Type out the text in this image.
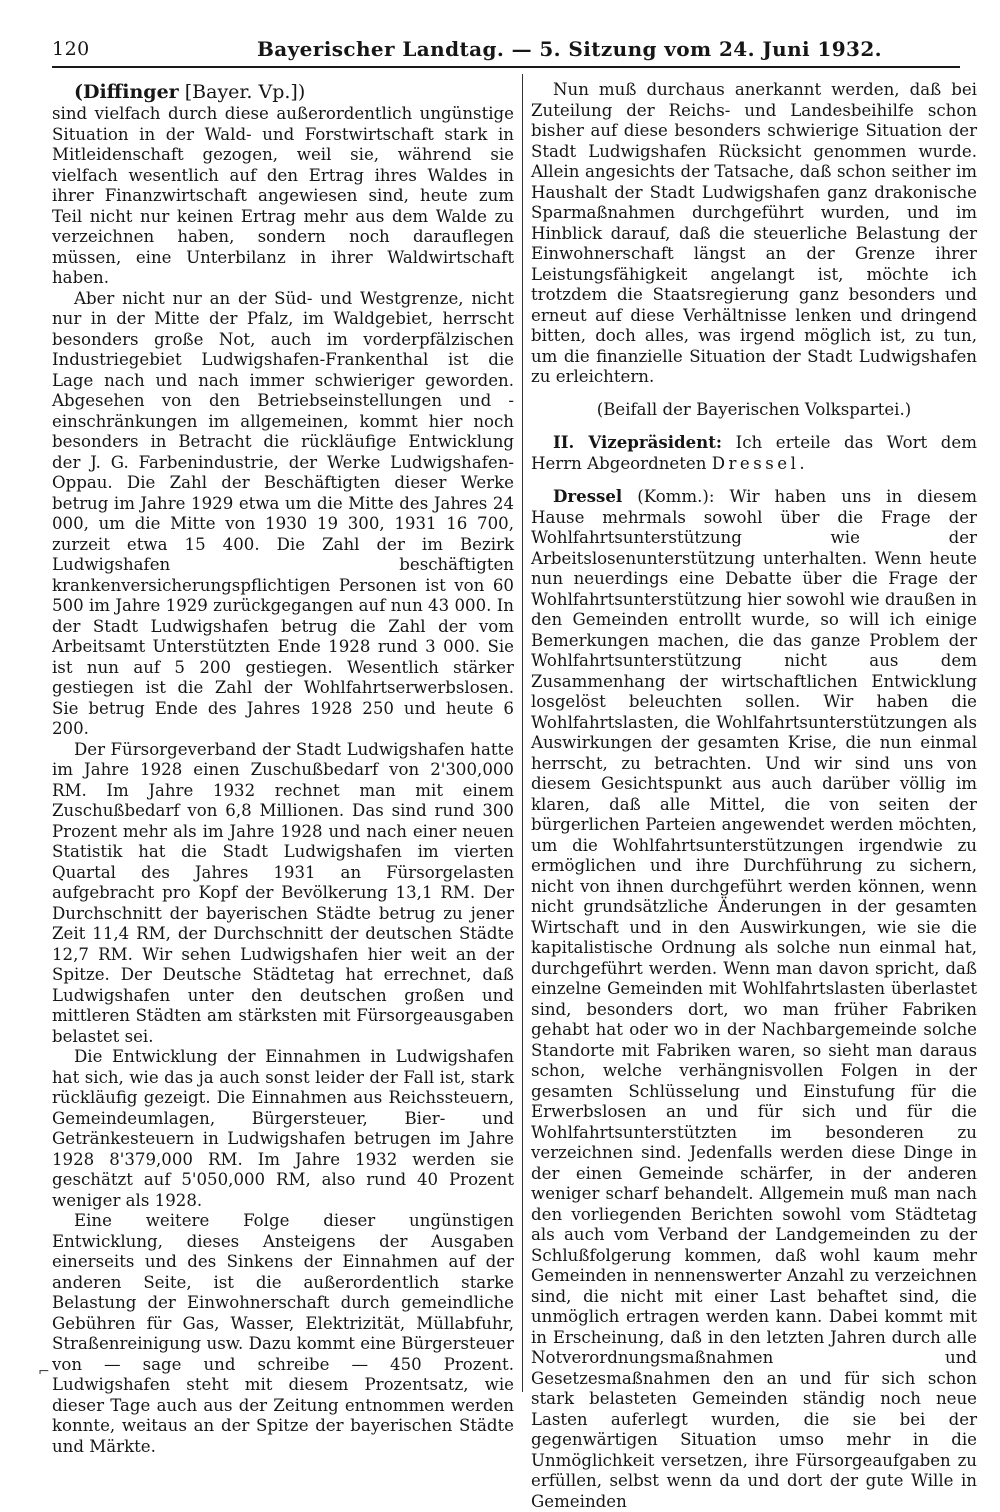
120	Bayerischer Landtag. — 5. Sitzung vom 24. Juni 1932.

(Diffinger [Bayer. Vp.])

sind vielfach durch diese außerordentlich ungünstige Situation in der Wald- und Forstwirtschaft stark in Mitleidenschaft gezogen, weil sie, während sie vielfach wesentlich auf den Ertrag ihres Waldes in ihrer Finanzwirtschaft angewiesen sind, heute zum Teil nicht nur keinen Ertrag mehr aus dem Walde zu verzeichnen haben, sondern noch darauflegen müssen, eine Unterbilanz in ihrer Waldwirtschaft haben.

Aber nicht nur an der Süd- und Westgrenze, nicht nur in der Mitte der Pfalz, im Waldgebiet, herrscht besonders große Not, auch im vorderpfälzischen Industriegebiet Ludwigshafen-Frankenthal ist die Lage nach und nach immer schwieriger geworden. Abgesehen von den Betriebseinstellungen und -einschränkungen im allgemeinen, kommt hier noch besonders in Betracht die rückläufige Entwicklung der J. G. Farbenindustrie, der Werke Ludwigshafen-Oppau. Die Zahl der Beschäftigten dieser Werke betrug im Jahre 1929 etwa um die Mitte des Jahres 24 000, um die Mitte von 1930 19 300, 1931 16 700, zurzeit etwa 15 400. Die Zahl der im Bezirk Ludwigshafen beschäftigten krankenversicherungspflichtigen Personen ist von 60 500 im Jahre 1929 zurückgegangen auf nun 43 000. In der Stadt Ludwigshafen betrug die Zahl der vom Arbeitsamt Unterstützten Ende 1928 rund 3 000. Sie ist nun auf 5 200 gestiegen. Wesentlich stärker gestiegen ist die Zahl der Wohlfahrtserwerbslosen. Sie betrug Ende des Jahres 1928 250 und heute 6 200.

Der Fürsorgeverband der Stadt Ludwigshafen hatte im Jahre 1928 einen Zuschußbedarf von 2'300,000 RM. Im Jahre 1932 rechnet man mit einem Zuschußbedarf von 6,8 Millionen. Das sind rund 300 Prozent mehr als im Jahre 1928 und nach einer neuen Statistik hat die Stadt Ludwigshafen im vierten Quartal des Jahres 1931 an Fürsorgelasten aufgebracht pro Kopf der Bevölkerung 13,1 RM. Der Durchschnitt der bayerischen Städte betrug zu jener Zeit 11,4 RM, der Durchschnitt der deutschen Städte 12,7 RM. Wir sehen Ludwigshafen hier weit an der Spitze. Der Deutsche Städtetag hat errechnet, daß Ludwigshafen unter den deutschen großen und mittleren Städten am stärksten mit Fürsorgeausgaben belastet sei.

Die Entwicklung der Einnahmen in Ludwigshafen hat sich, wie das ja auch sonst leider der Fall ist, stark rückläufig gezeigt. Die Einnahmen aus Reichssteuern, Gemeindeumlagen, Bürgersteuer, Bier- und Getränkesteuern in Ludwigshafen betrugen im Jahre 1928 8'379,000 RM. Im Jahre 1932 werden sie geschätzt auf 5'050,000 RM, also rund 40 Prozent weniger als 1928.

Eine weitere Folge dieser ungünstigen Entwicklung, dieses Ansteigens der Ausgaben einerseits und des Sinkens der Einnahmen auf der anderen Seite, ist die außerordentlich starke Belastung der Einwohnerschaft durch gemeindliche Gebühren für Gas, Wasser, Elektrizität, Müllabfuhr, Straßenreinigung usw. Dazu kommt eine Bürgersteuer von — sage und schreibe — 450 Prozent. Ludwigshafen steht mit diesem Prozentsatz, wie dieser Tage auch aus der Zeitung entnommen werden konnte, weitaus an der Spitze der bayerischen Städte und Märkte.

Nun muß durchaus anerkannt werden, daß bei Zuteilung der Reichs- und Landesbeihilfe schon bisher auf diese besonders schwierige Situation der Stadt Ludwigshafen Rücksicht genommen wurde. Allein angesichts der Tatsache, daß schon seither im Haushalt der Stadt Ludwigshafen ganz drakonische Sparmaßnahmen durchgeführt wurden, und im Hinblick darauf, daß die steuerliche Belastung der Einwohnerschaft längst an der Grenze ihrer Leistungsfähigkeit angelangt ist, möchte ich trotzdem die Staatsregierung ganz besonders und erneut auf diese Verhältnisse lenken und dringend bitten, doch alles, was irgend möglich ist, zu tun, um die finanzielle Situation der Stadt Ludwigshafen zu erleichtern.

(Beifall der Bayerischen Volkspartei.)

II. Vizepräsident: Ich erteile das Wort dem Herrn Abgeordneten Dressel.

Dressel (Komm.): Wir haben uns in diesem Hause mehrmals sowohl über die Frage der Wohlfahrtsunterstützung wie der Arbeitslosenunterstützung unterhalten. Wenn heute nun neuerdings eine Debatte über die Frage der Wohlfahrtsunterstützung hier sowohl wie draußen in den Gemeinden entrollt wurde, so will ich einige Bemerkungen machen, die das ganze Problem der Wohlfahrtsunterstützung nicht aus dem Zusammenhang der wirtschaftlichen Entwicklung losgelöst beleuchten sollen. Wir haben die Wohlfahrtslasten, die Wohlfahrtsunterstützungen als Auswirkungen der gesamten Krise, die nun einmal herrscht, zu betrachten. Und wir sind uns von diesem Gesichtspunkt aus auch darüber völlig im klaren, daß alle Mittel, die von seiten der bürgerlichen Parteien angewendet werden möchten, um die Wohlfahrtsunterstützungen irgendwie zu ermöglichen und ihre Durchführung zu sichern, nicht von ihnen durchgeführt werden können, wenn nicht grundsätzliche Änderungen in der gesamten Wirtschaft und in den Auswirkungen, wie sie die kapitalistische Ordnung als solche nun einmal hat, durchgeführt werden. Wenn man davon spricht, daß einzelne Gemeinden mit Wohlfahrtslasten überlastet sind, besonders dort, wo man früher Fabriken gehabt hat oder wo in der Nachbargemeinde solche Standorte mit Fabriken waren, so sieht man daraus schon, welche verhängnisvollen Folgen in der gesamten Schlüsselung und Einstufung für die Erwerbslosen an und für sich und für die Wohlfahrtsunterstützten im besonderen zu verzeichnen sind. Jedenfalls werden diese Dinge in der einen Gemeinde schärfer, in der anderen weniger scharf behandelt. Allgemein muß man nach den vorliegenden Berichten sowohl vom Städtetag als auch vom Verband der Landgemeinden zu der Schlußfolgerung kommen, daß wohl kaum mehr Gemeinden in nennenswerter Anzahl zu verzeichnen sind, die nicht mit einer Last behaftet sind, die unmöglich ertragen werden kann. Dabei kommt mit in Erscheinung, daß in den letzten Jahren durch alle Notverordnungsmaßnahmen und Gesetzesmaßnahmen den an und für sich schon stark belasteten Gemeinden ständig noch neue Lasten auferlegt wurden, die sie bei der gegenwärtigen Situation umso mehr in die Unmöglichkeit versetzen, ihre Fürsorgeaufgaben zu erfüllen, selbst wenn da und dort der gute Wille in Gemeinden

⌐
